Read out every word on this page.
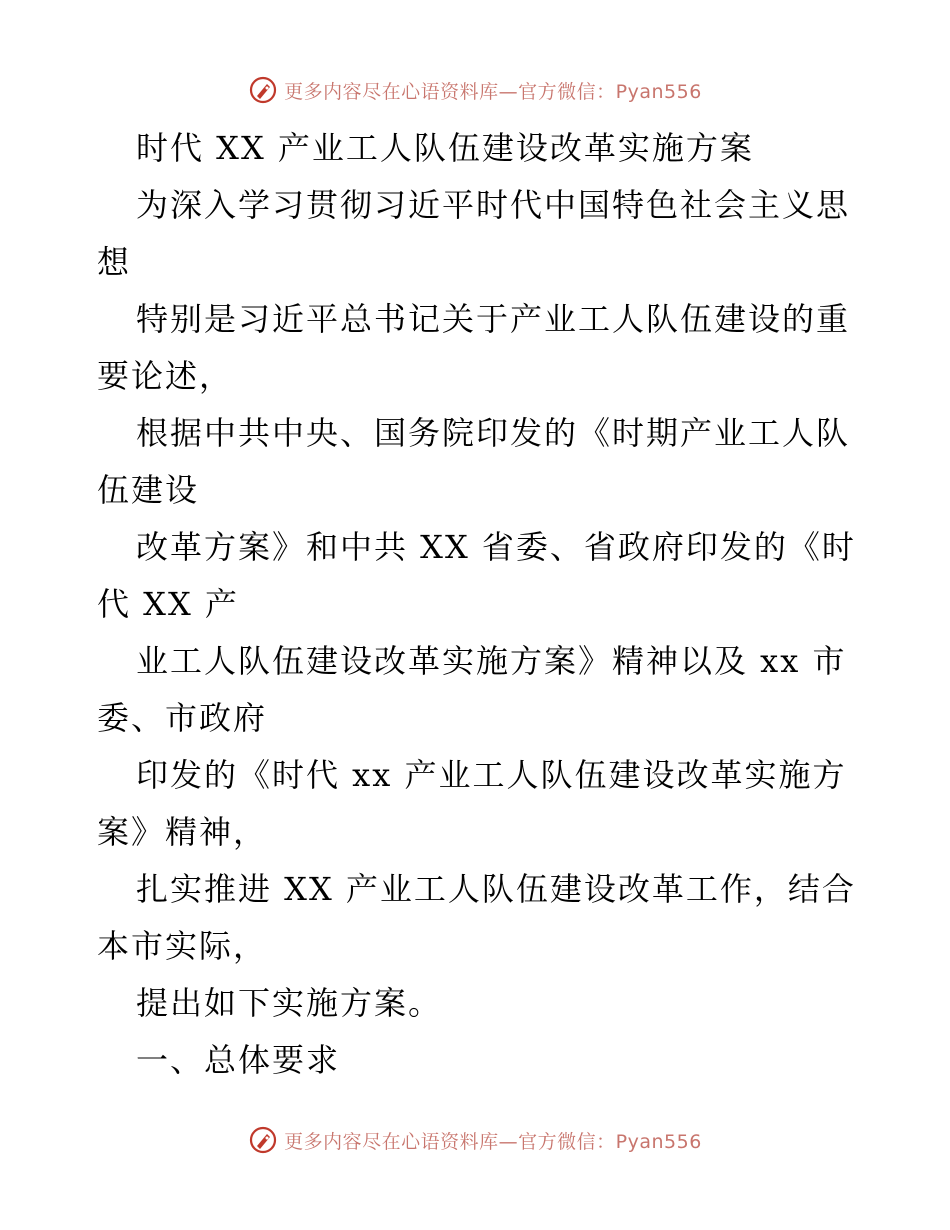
更多内容尽在心语资料库—官方微信：Pyan556
时代 XX 产业工人队伍建设改革实施方案
为深入学习贯彻习近平时代中国特色社会主义思
想
特别是习近平总书记关于产业工人队伍建设的重
要论述，
根据中共中央、国务院印发的《时期产业工人队
伍建设
改革方案》和中共 XX 省委、省政府印发的《时
代 XX 产
业工人队伍建设改革实施方案》精神以及 xx 市
委、市政府
印发的《时代 xx 产业工人队伍建设改革实施方
案》精神，
扎实推进 XX 产业工人队伍建设改革工作，结合
本市实际，
提出如下实施方案。
一、总体要求
更多内容尽在心语资料库—官方微信：Pyan556
